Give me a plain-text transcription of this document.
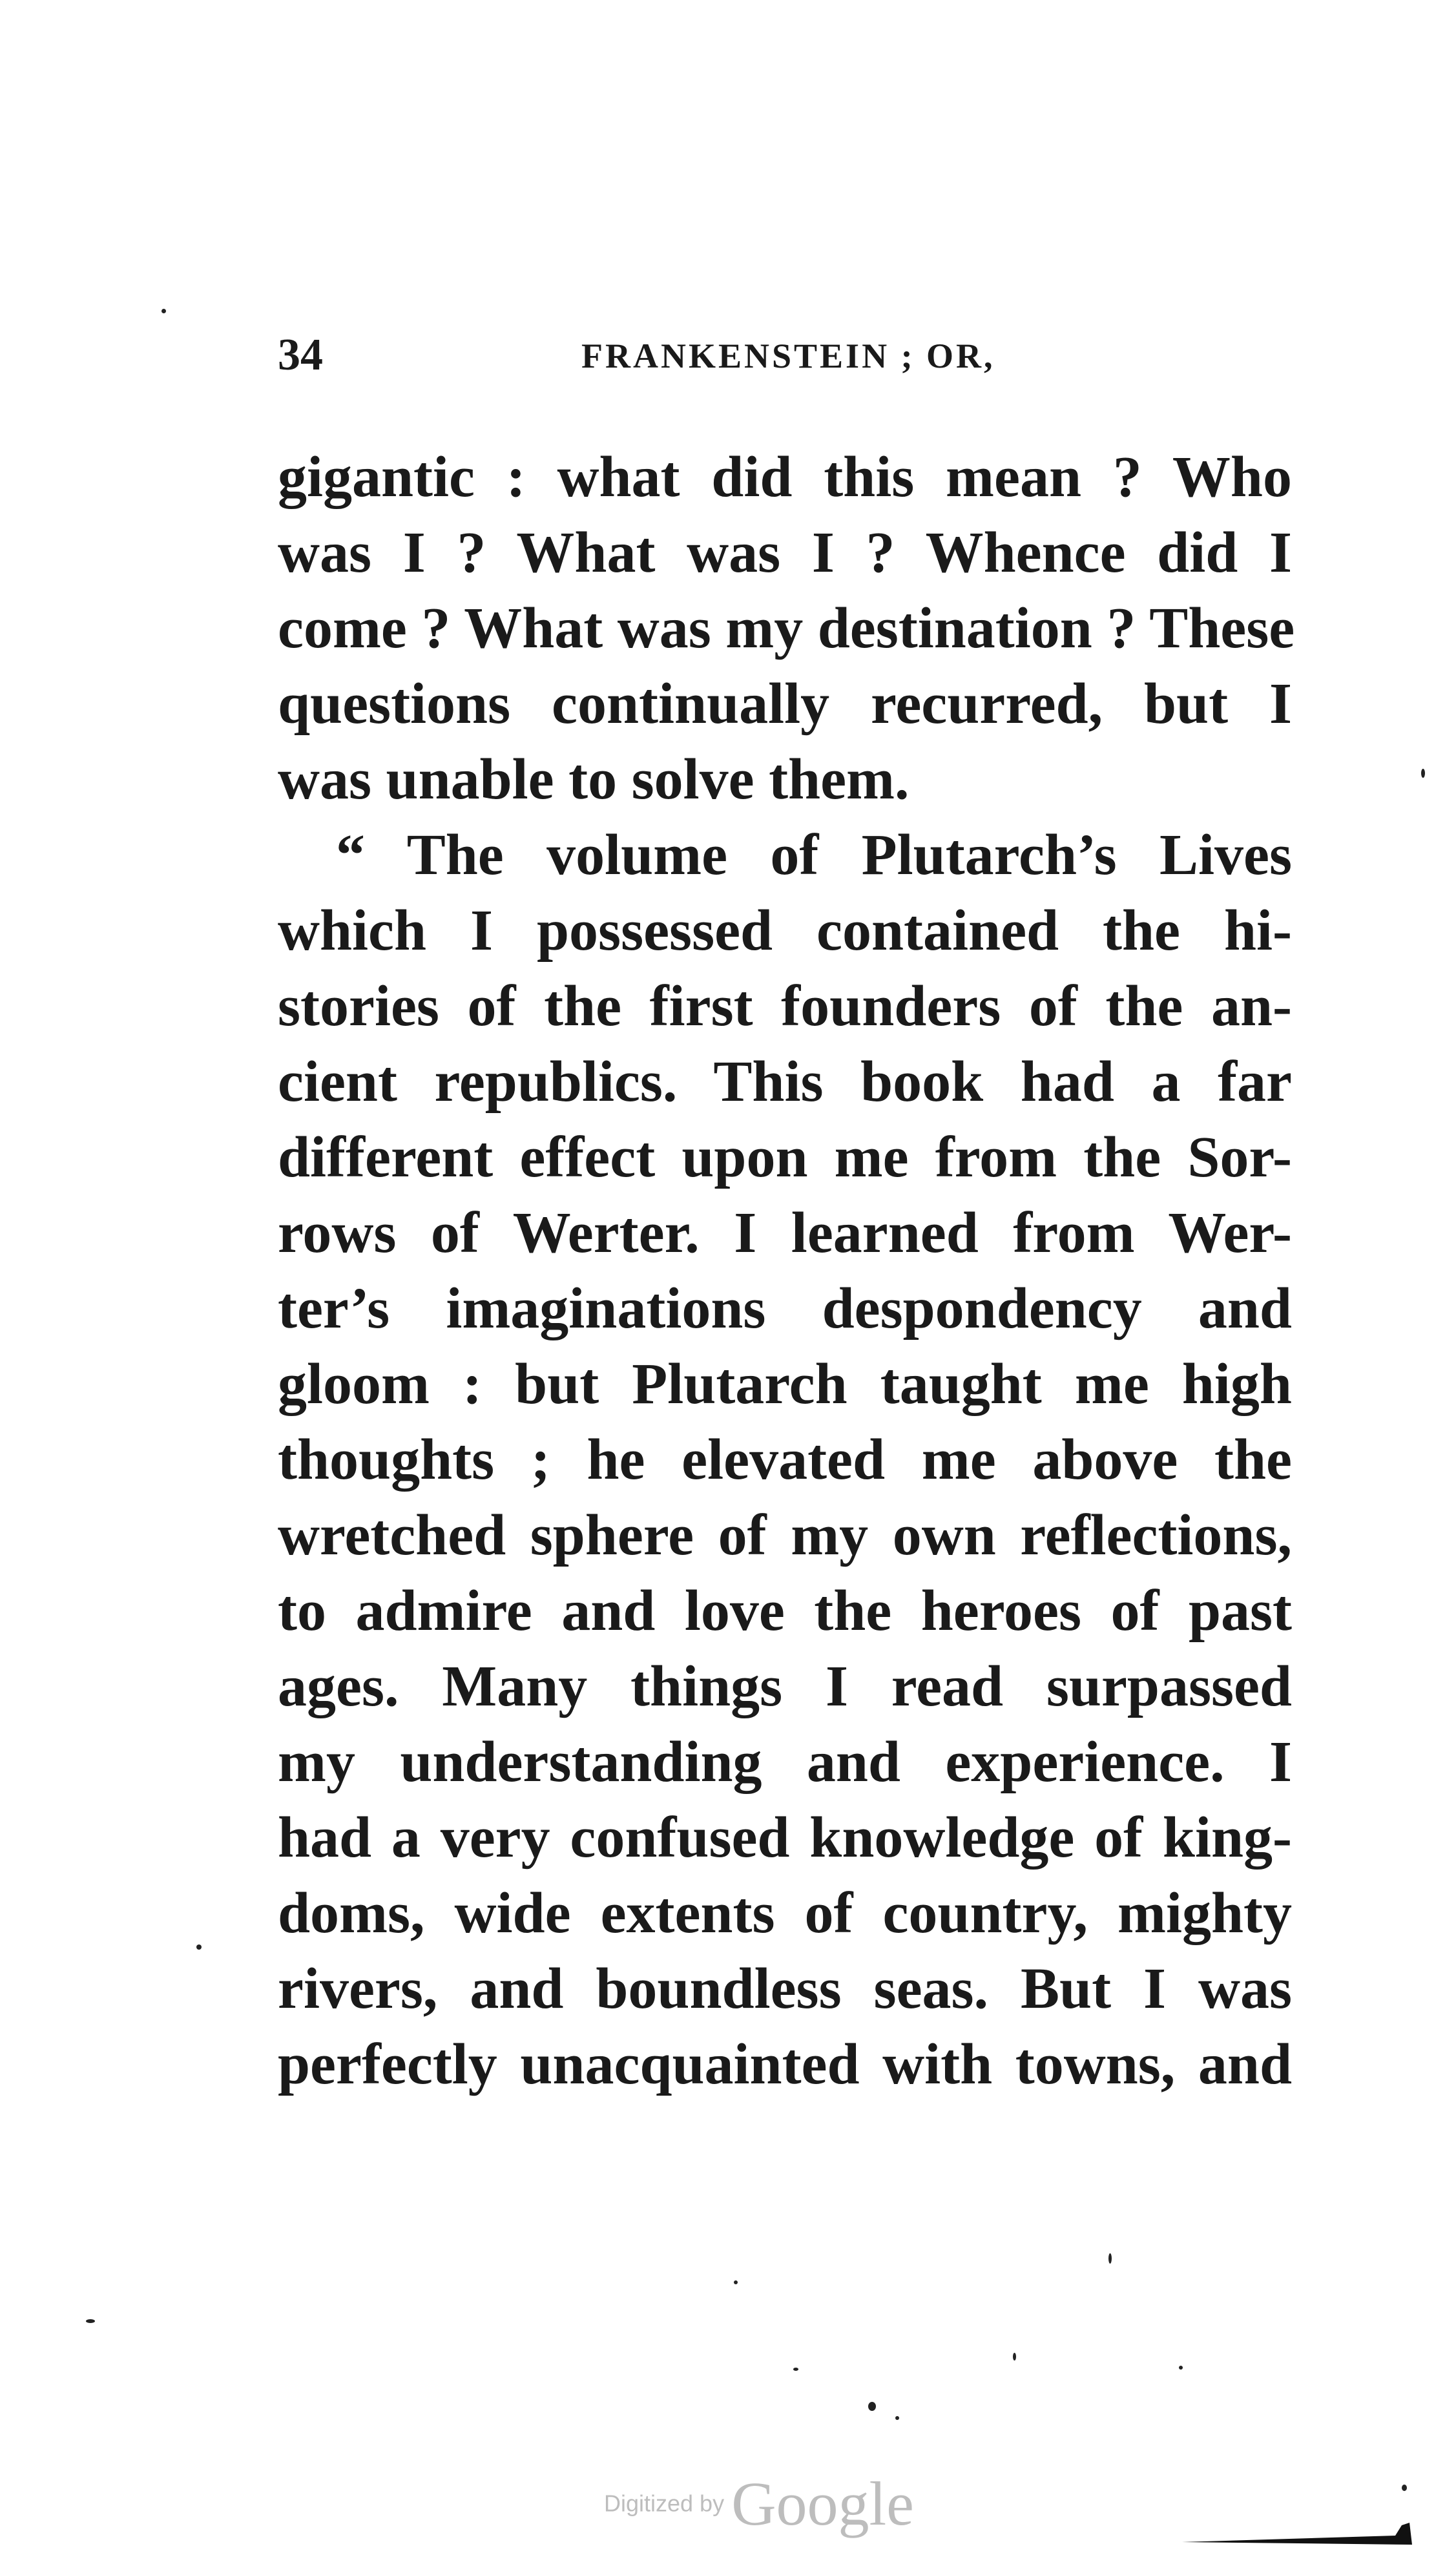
34	FRANKENSTEIN ; OR,
gigantic : what did this mean ? Who
was I ? What was I ? Whence did I
come ? What was my destination ? These
questions continually recurred, but I
was unable to solve them.
“ The volume of Plutarch’s Lives
which I possessed contained the hi-
stories of the first founders of the an-
cient republics. This book had a far
different effect upon me from the Sor-
rows of Werter. I learned from Wer-
ter’s imaginations despondency and
gloom : but Plutarch taught me high
thoughts ; he elevated me above the
wretched sphere of my own reflections,
to admire and love the heroes of past
ages. Many things I read surpassed
my understanding and experience. I
had a very confused knowledge of king-
doms, wide extents of country, mighty
rivers, and boundless seas. But I was
perfectly unacquainted with towns, and
Digitized by Google
